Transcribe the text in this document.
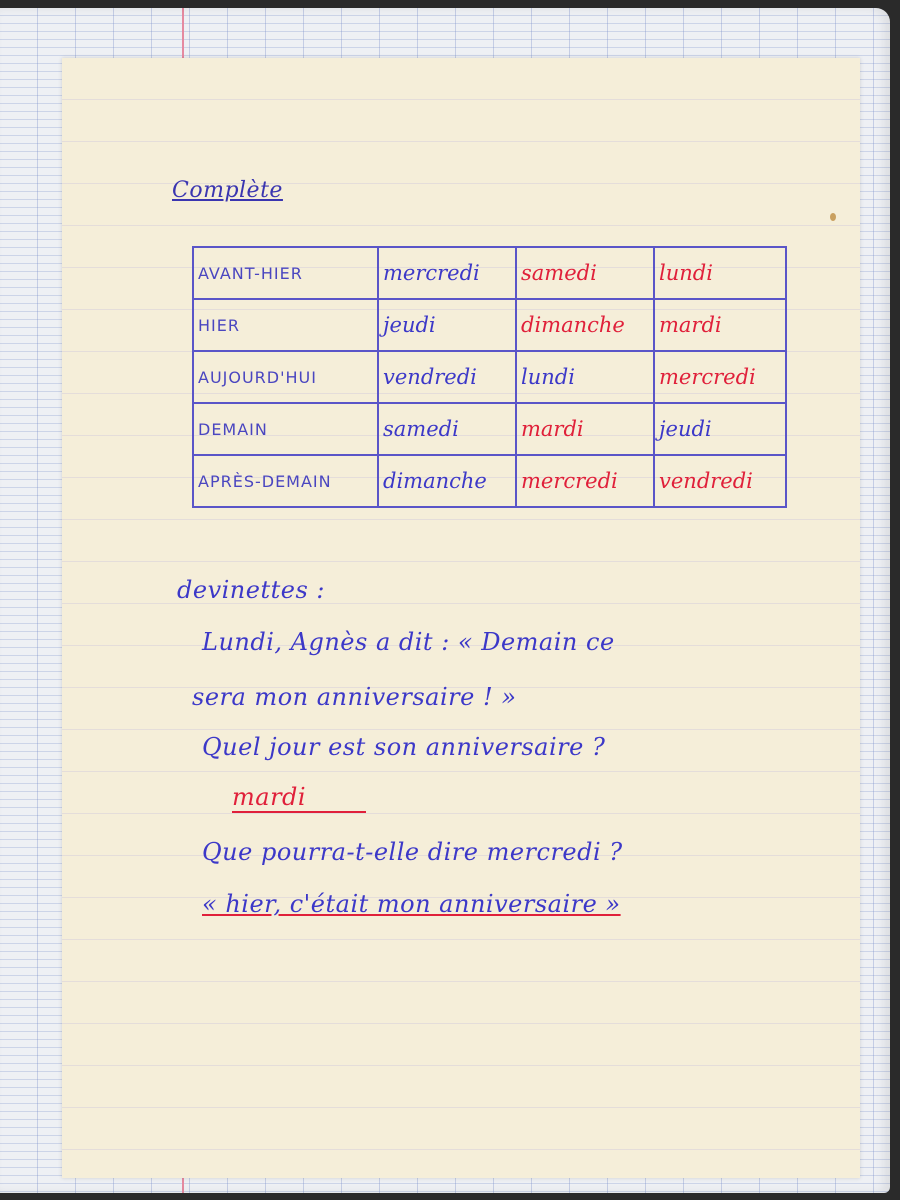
Complète
AVANT-HIER	mercredi	samedi	lundi
HIER	jeudi	dimanche	mardi
AUJOURD'HUI	vendredi	lundi	mercredi
DEMAIN	samedi	mardi	jeudi
APRÈS-DEMAIN	dimanche	mercredi	vendredi
devinettes :
Lundi, Agnès a dit : « Demain ce
sera mon anniversaire ! »
Quel jour est son anniversaire ?
mardi
Que pourra-t-elle dire mercredi ?
« hier, c'était mon anniversaire »
